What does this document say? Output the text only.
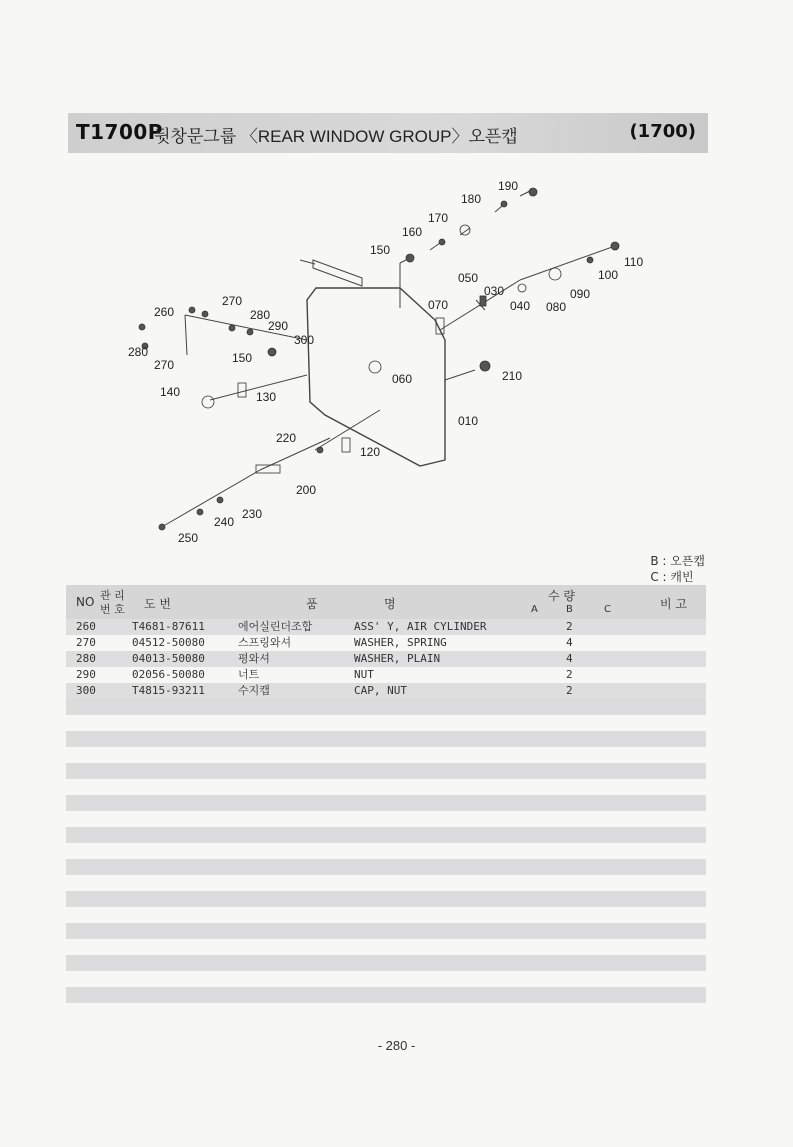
T1700P
뒷창문그룹 〈REAR WINDOW GROUP〉오픈캡	(1700)
190
180
170
160
150
050
030
040 080
090
100
110
070
260
270
280
290
300
280
270	150
140	130
060	210
010
220
120
200
230
240
250
B : 오픈캡
C : 캐빈
NO 관 리
번 호 도 번	품	명
수 량
A	B	C	비 고
260	T4681-87611	에어실린더조합	ASS' Y, AIR CYLINDER	2
270	04512-50080	스프링와셔	WASHER, SPRING	4
280	04013-50080	평와셔	WASHER, PLAIN	4
290	02056-50080	너트	NUT	2
300	T4815-93211	수지캡	CAP, NUT	2
- 280 -
